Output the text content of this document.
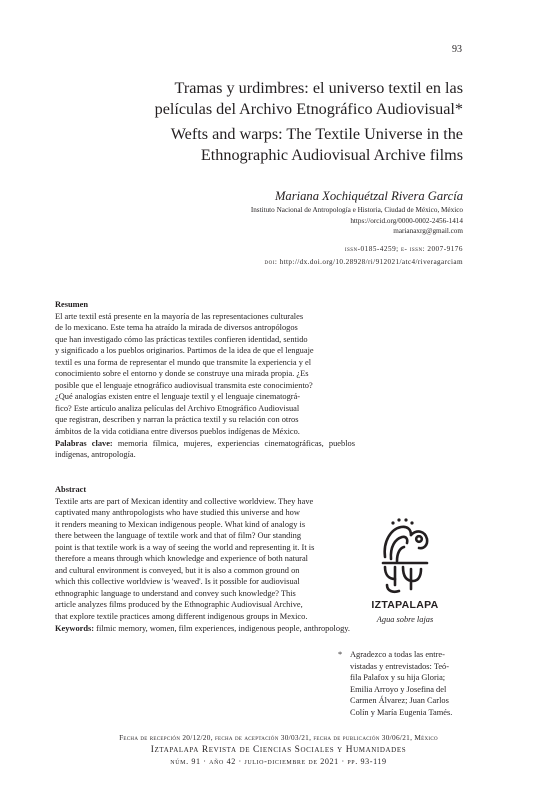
93
Tramas y urdimbres: el universo textil en las
películas del Archivo Etnográfico Audiovisual*
Wefts and warps: The Textile Universe in the
Ethnographic Audiovisual Archive films
Mariana Xochiquétzal Rivera García
Instituto Nacional de Antropología e Historia, Ciudad de México, México
https://orcid.org/0000-0002-2456-1414
marianaxrg@gmail.com
issn-0185-4259; e- issn: 2007-9176
doi: http://dx.doi.org/10.28928/ri/912021/atc4/riveragarciam
Resumen
El arte textil está presente en la mayoría de las representaciones culturales
de lo mexicano. Este tema ha atraído la mirada de diversos antropólogos
que han investigado cómo las prácticas textiles confieren identidad, sentido
y significado a los pueblos originarios. Partimos de la idea de que el lenguaje
textil es una forma de representar el mundo que transmite la experiencia y el
conocimiento sobre el entorno y donde se construye una mirada propia. ¿Es
posible que el lenguaje etnográfico audiovisual transmita este conocimiento?
¿Qué analogías existen entre el lenguaje textil y el lenguaje cinematográ-
fico? Este artículo analiza películas del Archivo Etnográfico Audiovisual
que registran, describen y narran la práctica textil y su relación con otros
ámbitos de la vida cotidiana entre diversos pueblos indígenas de México.

Palabras clave: memoria fílmica, mujeres, experiencias cinematográficas, pueblos indígenas, antropología.

Abstract
Textile arts are part of Mexican identity and collective worldview. They have
captivated many anthropologists who have studied this universe and how
it renders meaning to Mexican indigenous people. What kind of analogy is
there between the language of textile work and that of film? Our standing
point is that textile work is a way of seeing the world and representing it. It is
therefore a means through which knowledge and experience of both natural
and cultural environment is conveyed, but it is also a common ground on
which this collective worldview is 'weaved'. Is it possible for audiovisual
ethnographic language to understand and convey such knowledge? This
article analyzes films produced by the Ethnographic Audiovisual Archive,
that explore textile practices among different indigenous groups in Mexico.

Keywords: filmic memory, women, film experiences, indigenous people, anthropology.

IZTAPALAPA
Agua sobre lajas
* Agradezco a todas las entre-
vistadas y entrevistados: Teó-
fila Palafox y su hija Gloria;
Emilia Arroyo y Josefina del
Carmen Álvarez; Juan Carlos
Colín y María Eugenia Tamés.
Fecha de recepción 20/12/20, fecha de aceptación 30/03/21, fecha de publicación 30/06/21, México
Iztapalapa Revista de Ciencias Sociales y Humanidades
núm. 91 · año 42 · julio-diciembre de 2021 · pp. 93-119
